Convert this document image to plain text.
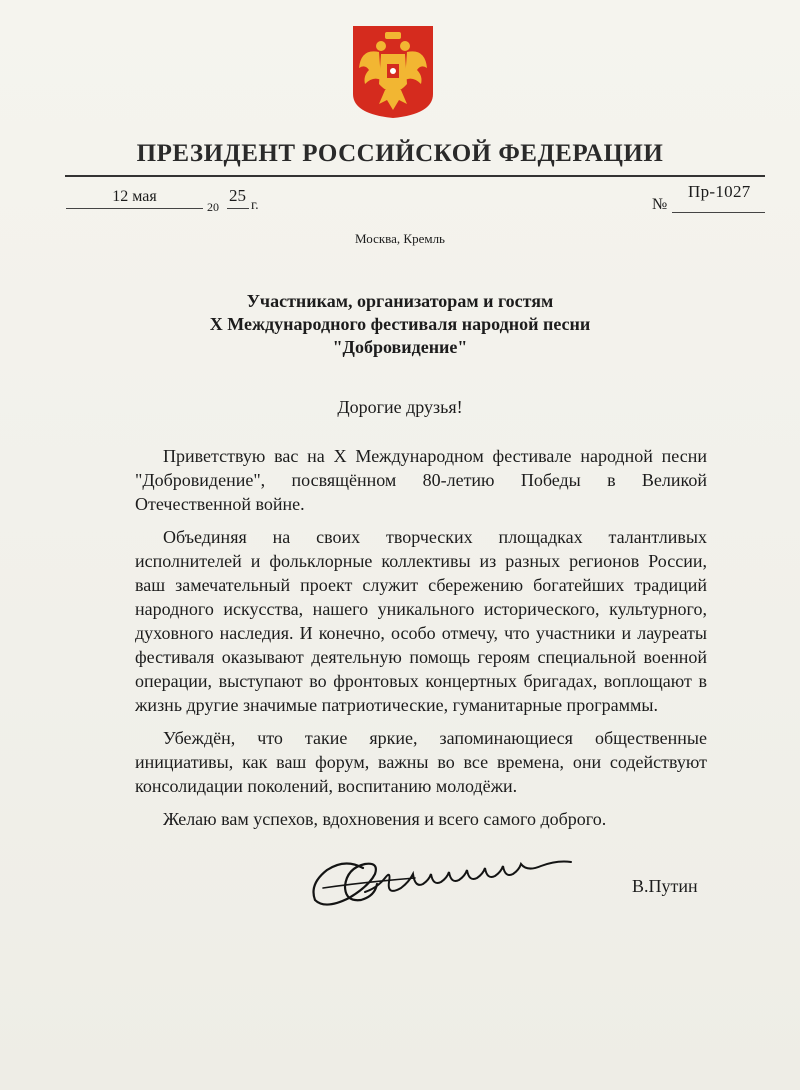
ПРЕЗИДЕНТ РОССИЙСКОЙ ФЕДЕРАЦИИ
12 мая
20
25
г.	№
Пр-1027
Москва, Кремль
Участникам, организаторам и гостям
X Международного фестиваля народной песни
"Добровидение"
Дорогие друзья!

Приветствую вас на X Международном фестивале народной песни "Добровидение", посвящённом 80-летию Победы в Великой Отечественной войне.

Объединяя на своих творческих площадках талантливых исполнителей и фольклорные коллективы из разных регионов России, ваш замечательный проект служит сбережению богатейших традиций народного искусства, нашего уникального исторического, культурного, духовного наследия. И конечно, особо отмечу, что участники и лауреаты фестиваля оказывают деятельную помощь героям специальной военной операции, выступают во фронтовых концертных бригадах, воплощают в жизнь другие значимые патриотические, гуманитарные программы.

Убеждён, что такие яркие, запоминающиеся общественные инициативы, как ваш форум, важны во все времена, они содействуют консолидации поколений, воспитанию молодёжи.

Желаю вам успехов, вдохновения и всего самого доброго.

В.Путин
